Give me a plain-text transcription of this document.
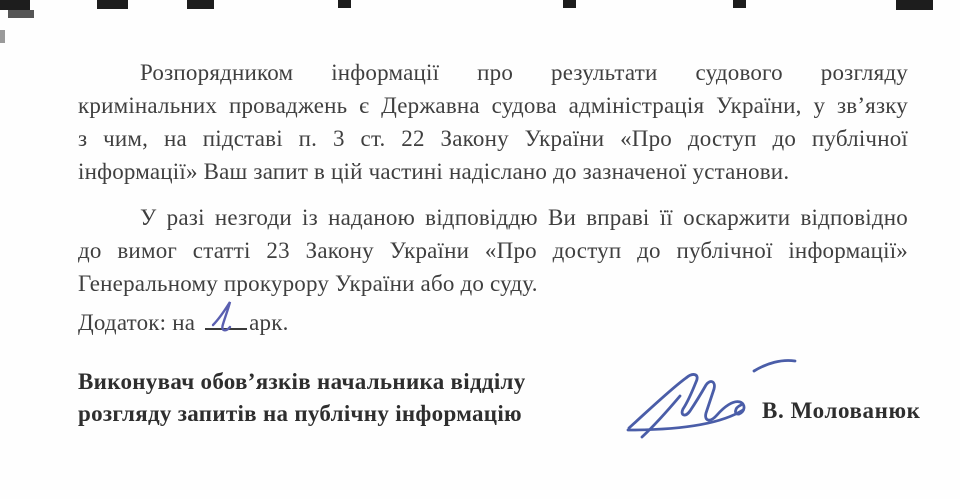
Розпорядником інформації про результати судового розгляду
кримінальних проваджень є Державна судова адміністрація України, у зв’язку
з чим, на підставі п. 3 ст. 22 Закону України «Про доступ до публічної
інформації» Ваш запит в цій частині надіслано до зазначеної установи.
У разі незгоди із наданою відповіддю Ви вправі її оскаржити відповідно
до вимог статті 23 Закону України «Про доступ до публічної інформації»
Генеральному прокурору України або до суду.
Додаток: на арк.
Виконувач обов’язків начальника відділу
розгляду запитів на публічну інформацію	В. Молованюк
